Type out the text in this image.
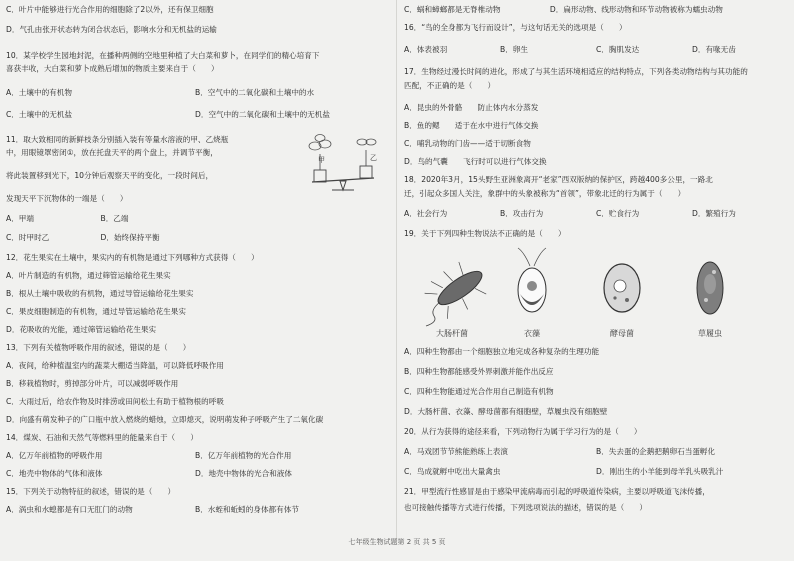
C．叶片中能够进行光合作用的细胞除了2以外，还有保卫细胞
D．气孔由张开状态转为闭合状态后，影响水分和无机盐的运输
10．某学校学生园地封泥，在播种两侧的空地里种植了大白菜和萝卜，在同学们的精心培育下
喜获丰收，大白菜和萝卜成熟后增加的物质主要来自于（　　）
A．土壤中的有机物	B．空气中的二氧化碳和土壤中的水
C．土壤中的无机盐	D．空气中的二氧化碳和土壤中的无机盐
11．取大致相同的新鲜枝条分别插入装有等量水溶液的甲、乙烧瓶
中，用眼镜罩密闭①，放在托盘天平的两个盘上，并调节平衡，
将此装置移到光下，10分钟后观察天平的变化，一段时间后，
发现天平下沉物体的一端是（　　）
甲	乙
A．甲端	B．乙端
C．时甲时乙	D．始终保持平衡
12．花生果实在土壤中，果实内的有机物是通过下列哪种方式获得（　　）
A．叶片制造的有机物，通过筛管运输给花生果实
B．根从土壤中吸收的有机物，通过导管运输给花生果实
C．果皮细胞制造的有机物，通过导管运输给花生果实
D．花吸收的光能，通过筛管运输给花生果实
13．下列有关植物呼吸作用的叙述，错误的是（　　）
A．夜间，给种植温室内的蔬菜大棚适当降温，可以降低呼吸作用
B．移栽植物时，剪掉部分叶片，可以减弱呼吸作用
C．大雨过后，给农作物及时排涝或田间松土有助于植物根的呼吸
D．向盛有萌发种子的广口瓶中放入燃烧的蜡烛，立即熄灭，说明萌发种子呼吸产生了二氧化碳
14．煤炭、石油和天然气等燃料里的能量来自于（　　）
A．亿万年前植物的呼吸作用	B．亿万年前植物的光合作用
C．地壳中物体的气体和液体	D．地壳中物体的光合和液体
15．下列关于动物特征的叙述，错误的是（　　）
A．涡虫和水螅都是有口无肛门的动物	B．水蛭和蚯蚓的身体都有体节
C．蜗和蟑螂都是无脊椎动物	D．扁形动物、线形动物和环节动物被称为蠕虫动物
16．“鸟的全身都为飞行而设计”，与这句话无关的选项是（　　）
A．体表被羽	B．卵生	C．胸肌发达	D．有喙无齿
17．生物经过漫长时间的进化，形成了与其生活环境相适应的结构特点，下列各类动物结构与其功能的
匹配，不正确的是（　　）
A．昆虫的外骨骼　　防止体内水分蒸发
B．鱼的鳃　　适于在水中进行气体交换
C．哺乳动物的门齿——适于切断食物
D．鸟的气囊　　飞行时可以进行气体交换
18．2020年3月，15头野生亚洲象离开“老家”西双版纳的保护区，跨越400多公里，一路北
迁，引起众多国人关注，象群中的头象被称为“首领”，带象北迁的行为属于（　　）
A．社会行为	B．攻击行为	C．贮食行为	D．繁殖行为
19．关于下列四种生物说法不正确的是（　　）
大肠杆菌	衣藻	酵母菌	草履虫
A．四种生物都由一个细胞独立地完成各种复杂的生理功能
B．四种生物都能感受外界刺激并能作出反应
C．四种生物能通过光合作用自己制造有机物
D．大肠杆菌、衣藻、酵母菌都有细胞壁，草履虫没有细胞壁
20．从行为获得的途径来看，下列动物行为属于学习行为的是（　　）
A．马戏团节节熊能熟练上表演	B．失去蛋的企鹅把鹅卵石当蛋孵化
C．鸟成就孵中吃出大量禽虫	D．刚出生的小羊能到母羊乳头吸乳汁
21．甲型流行性感冒是由于感染甲流病毒而引起的呼吸道传染病，主要以呼吸道飞沫传播，
也可接触传播等方式进行传播，下列选项说法的描述，错误的是（　　）
七年级生物试题第 2 页 共 5 页
